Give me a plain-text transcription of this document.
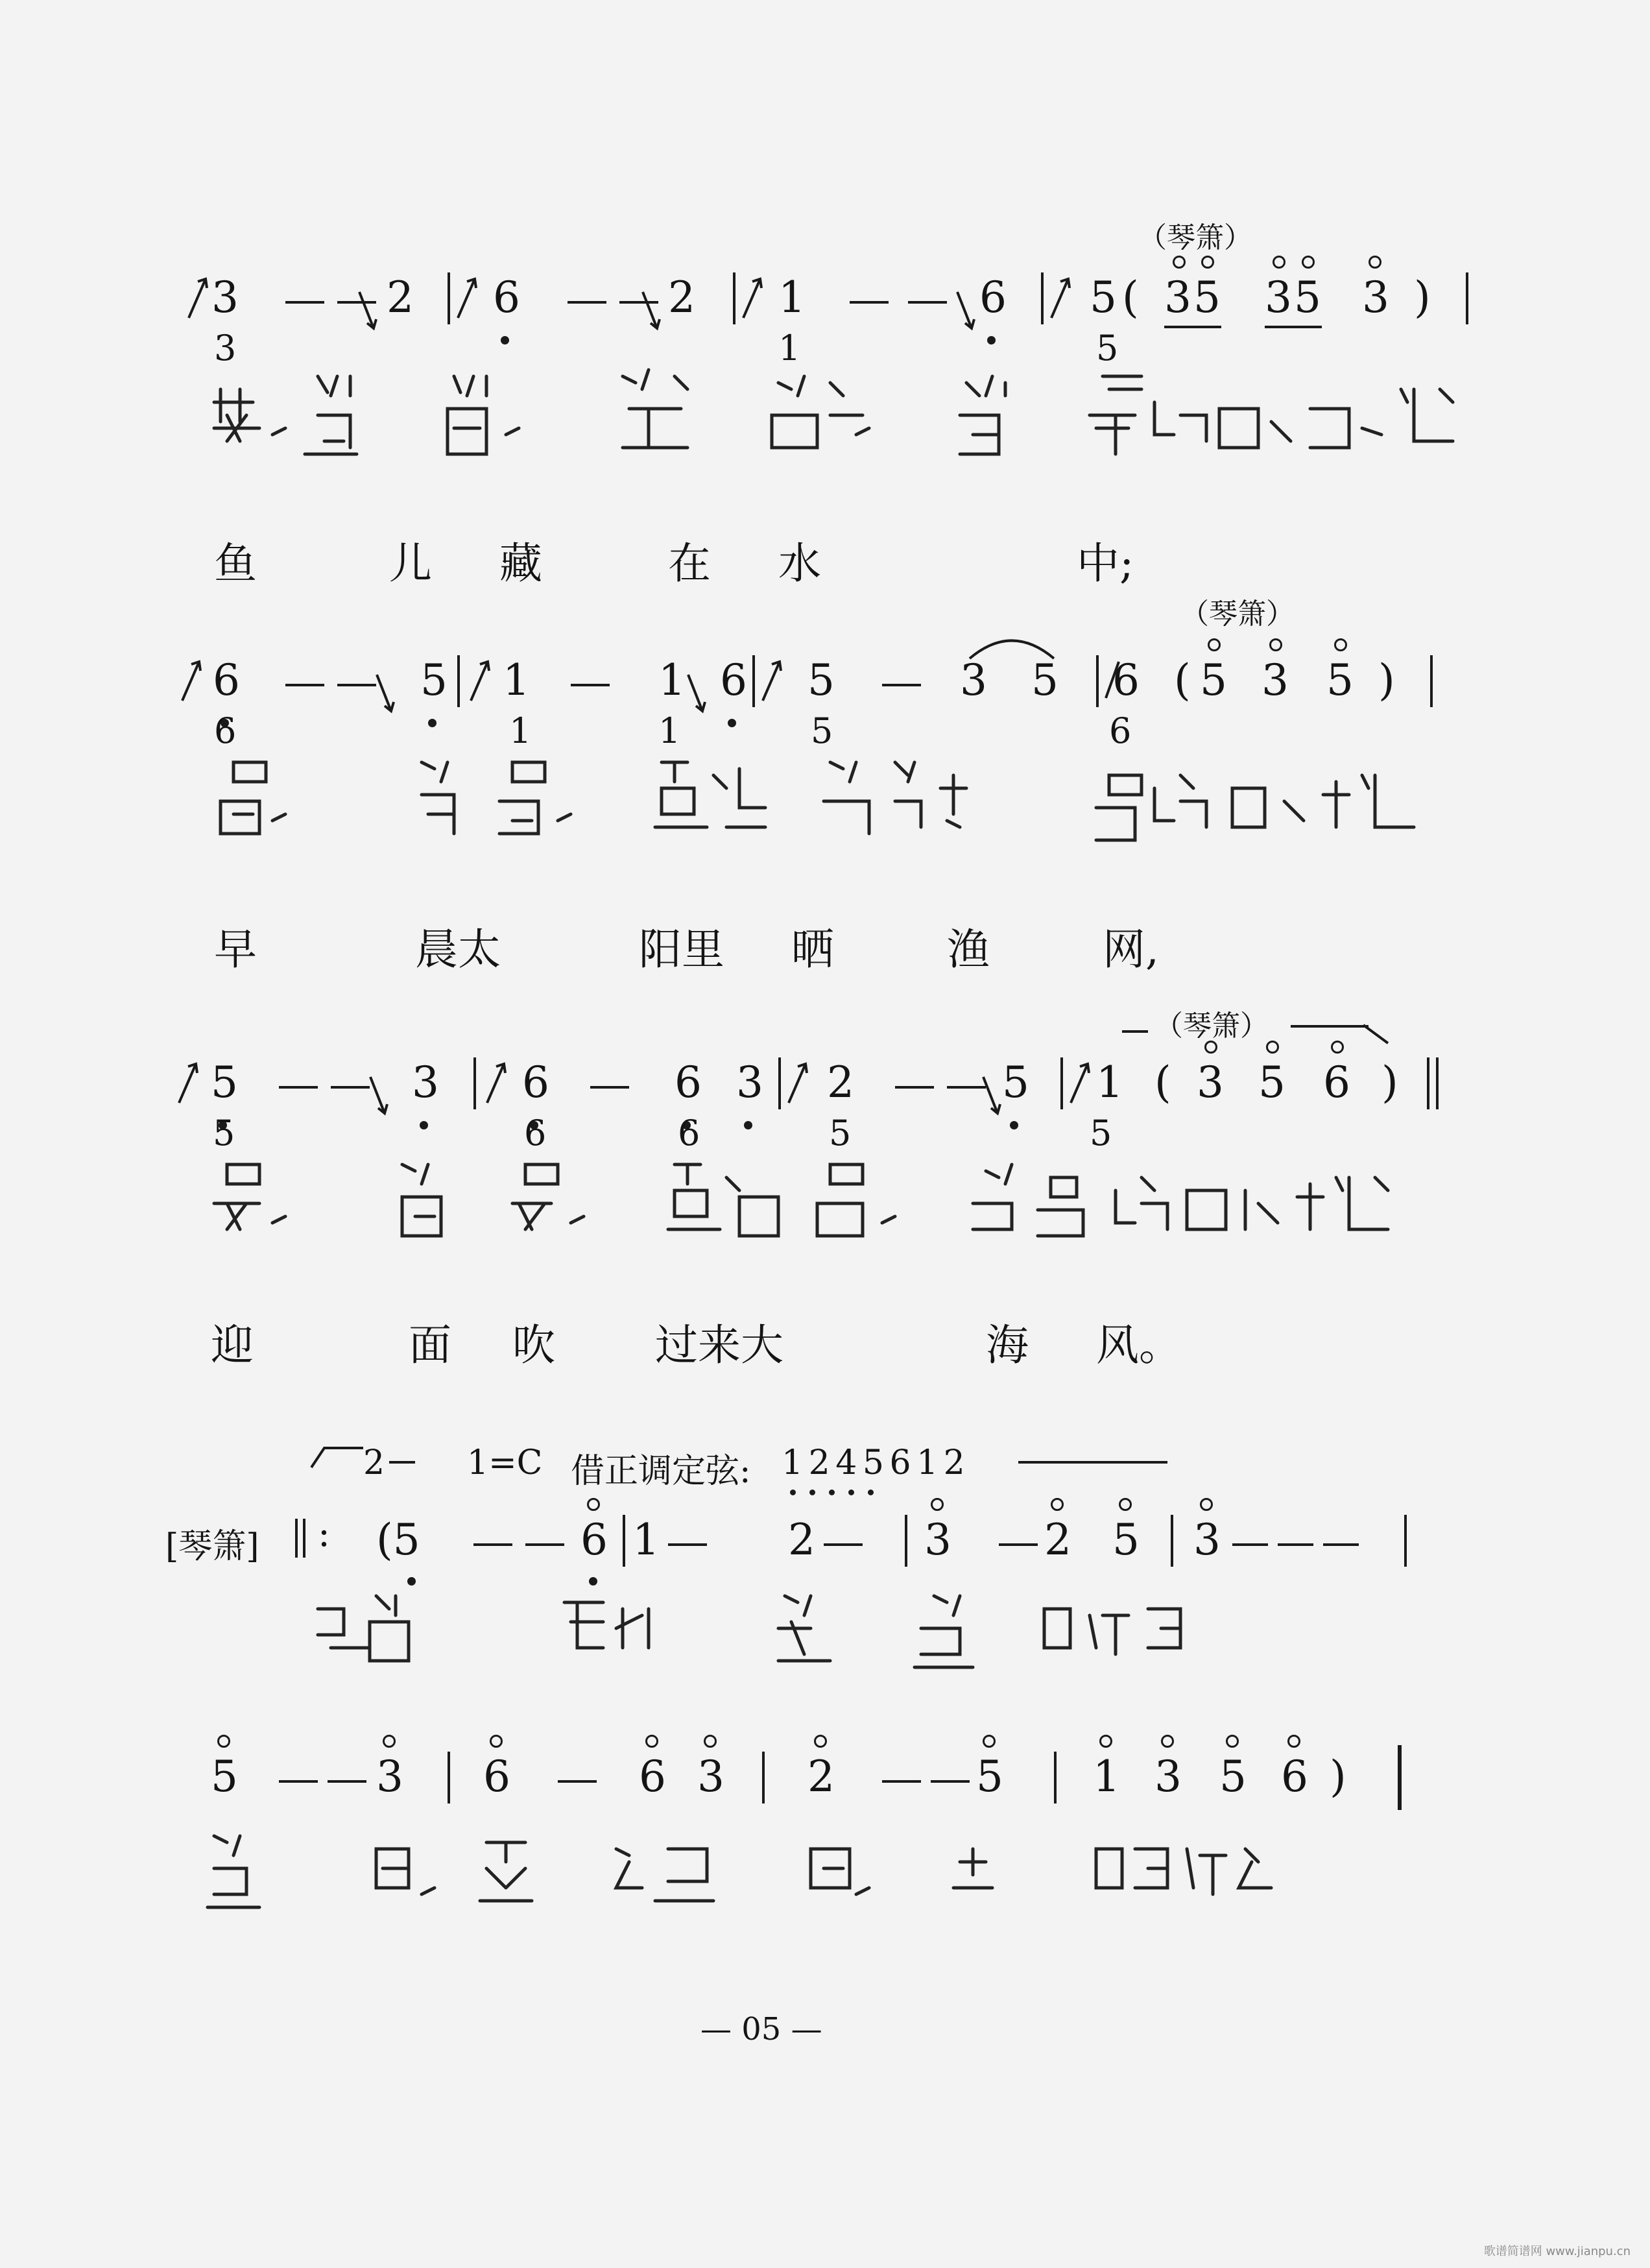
（琴箫）
3	2 6	2 1	6 5 ( 3 5 3 5 3 )
3	1	5
鱼	儿 藏	在 水	中;
（琴箫）
6	5 1	1 6 5	3 5 6 ( 5 3 5 )
6	1	1	5	6
早	晨太	阳里 晒	渔	网,
（琴箫）
5	3 6	6 3 2	5 1 ( 3 5 6 )
5	6	6	5	5
迎	面 吹 过来大	海 风。
2 1=C 借正调定弦: 1 2 4 5 6 1 2
[琴箫] : (5	6 1	2	3 2 5 3
5	3 6	6 3 2	5 1 3 5 6 )
— 05 —
歌谱简谱网 www.jianpu.cn
